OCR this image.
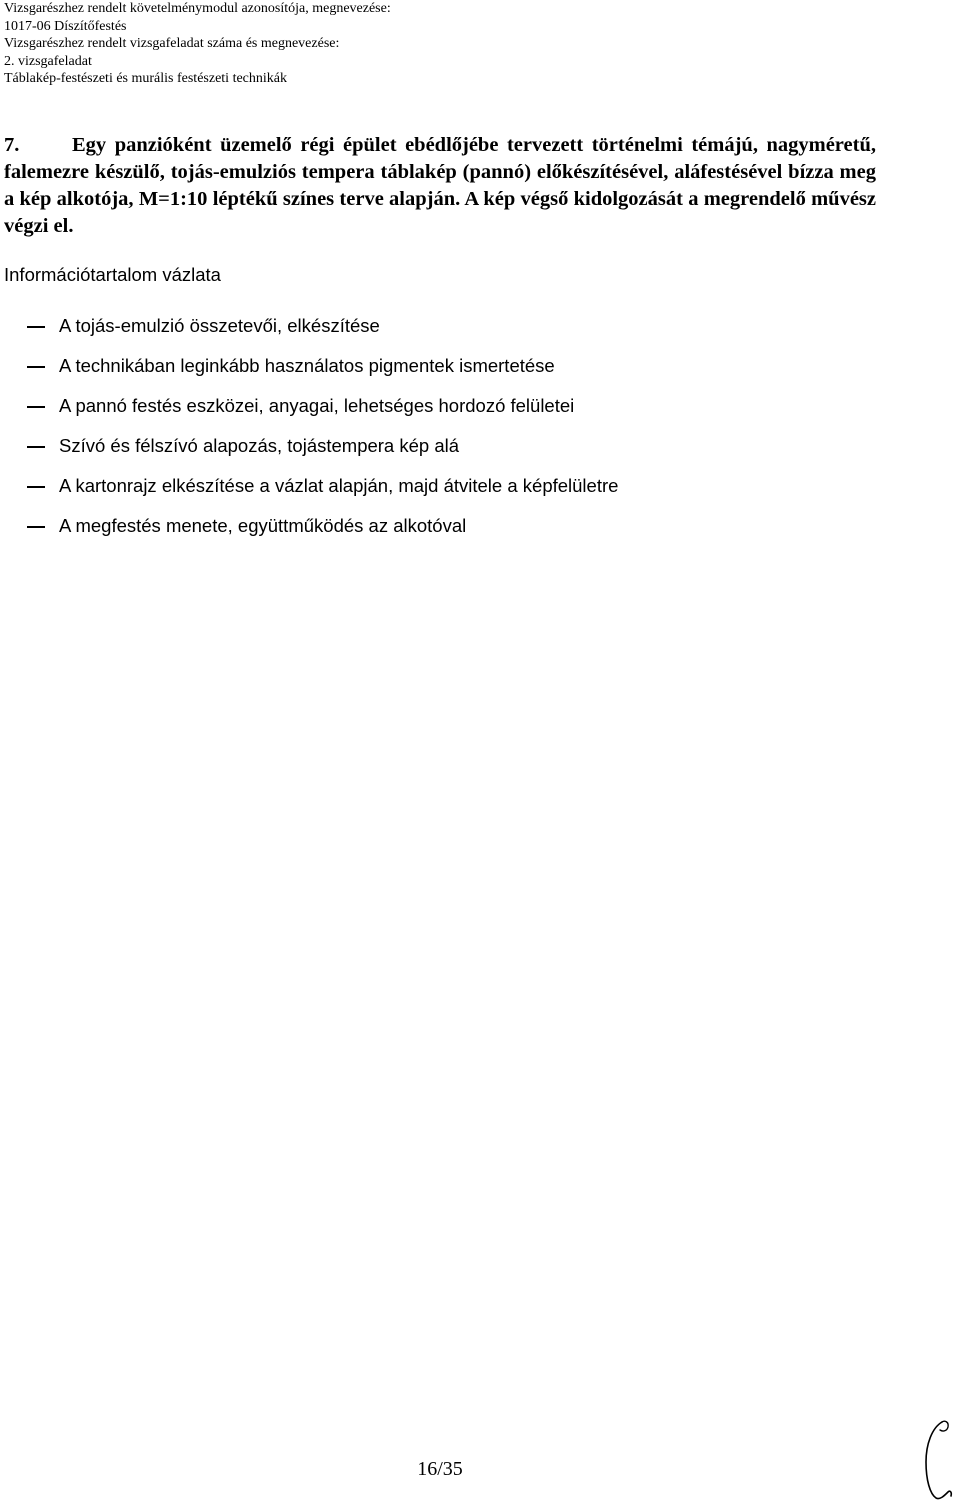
Vizsgarészhez rendelt követelménymodul azonosítója, megnevezése:
1017-06 Díszítőfestés
Vizsgarészhez rendelt vizsgafeladat száma és megnevezése:
2. vizsgafeladat
Táblakép-festészeti és murális festészeti technikák
7.	Egy panzióként üzemelő régi épület ebédlőjébe tervezett történelmi témájú, nagyméretű, falemezre készülő, tojás-emulziós tempera táblakép (pannó) előkészítésével, aláfestésével bízza meg a kép alkotója, M=1:10 léptékű színes terve alapján. A kép végső kidolgozását a megrendelő művész végzi el.
Információtartalom vázlata
A tojás-emulzió összetevői, elkészítése
A technikában leginkább használatos pigmentek ismertetése
A pannó festés eszközei, anyagai, lehetséges hordozó felületei
Szívó és félszívó alapozás, tojástempera kép alá
A kartonrajz elkészítése a vázlat alapján, majd átvitele a képfelületre
A megfestés menete, együttműködés az alkotóval
16/35
